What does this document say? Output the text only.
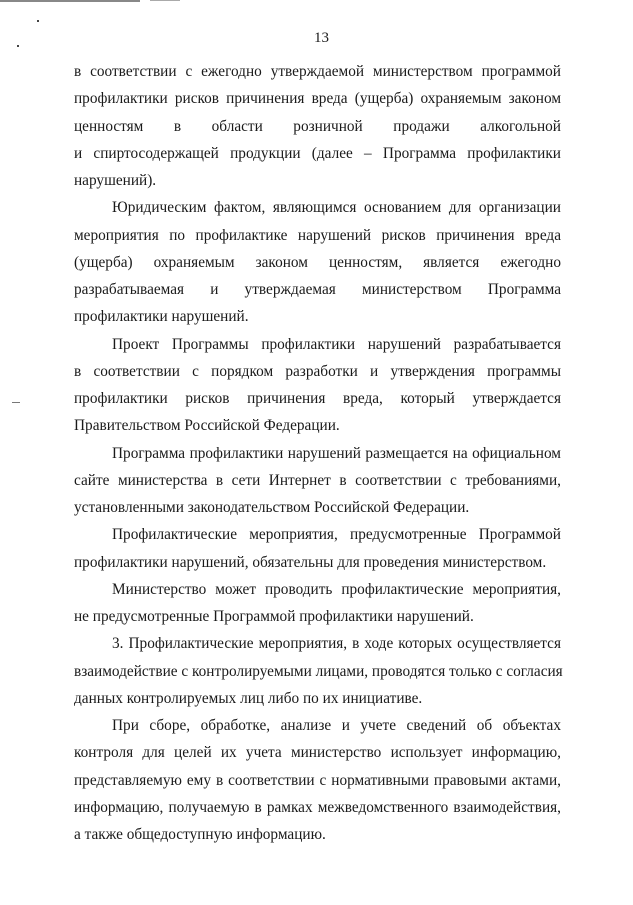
13
в соответствии с ежегодно утверждаемой министерством программой
профилактики рисков причинения вреда (ущерба) охраняемым законом
ценностям в области розничной продажи алкогольной
и спиртосодержащей продукции (далее – Программа профилактики
нарушений).
Юридическим фактом, являющимся основанием для организации
мероприятия по профилактике нарушений рисков причинения вреда
(ущерба) охраняемым законом ценностям, является ежегодно
разрабатываемая и утверждаемая министерством Программа
профилактики нарушений.
Проект Программы профилактики нарушений разрабатывается
в соответствии с порядком разработки и утверждения программы
профилактики рисков причинения вреда, который утверждается
Правительством Российской Федерации.
Программа профилактики нарушений размещается на официальном
сайте министерства в сети Интернет в соответствии с требованиями,
установленными законодательством Российской Федерации.
Профилактические мероприятия, предусмотренные Программой
профилактики нарушений, обязательны для проведения министерством.
Министерство может проводить профилактические мероприятия,
не предусмотренные Программой профилактики нарушений.
3. Профилактические мероприятия, в ходе которых осуществляется
взаимодействие с контролируемыми лицами, проводятся только с согласия
данных контролируемых лиц либо по их инициативе.
При сборе, обработке, анализе и учете сведений об объектах
контроля для целей их учета министерство использует информацию,
представляемую ему в соответствии с нормативными правовыми актами,
информацию, получаемую в рамках межведомственного взаимодействия,
а также общедоступную информацию.
